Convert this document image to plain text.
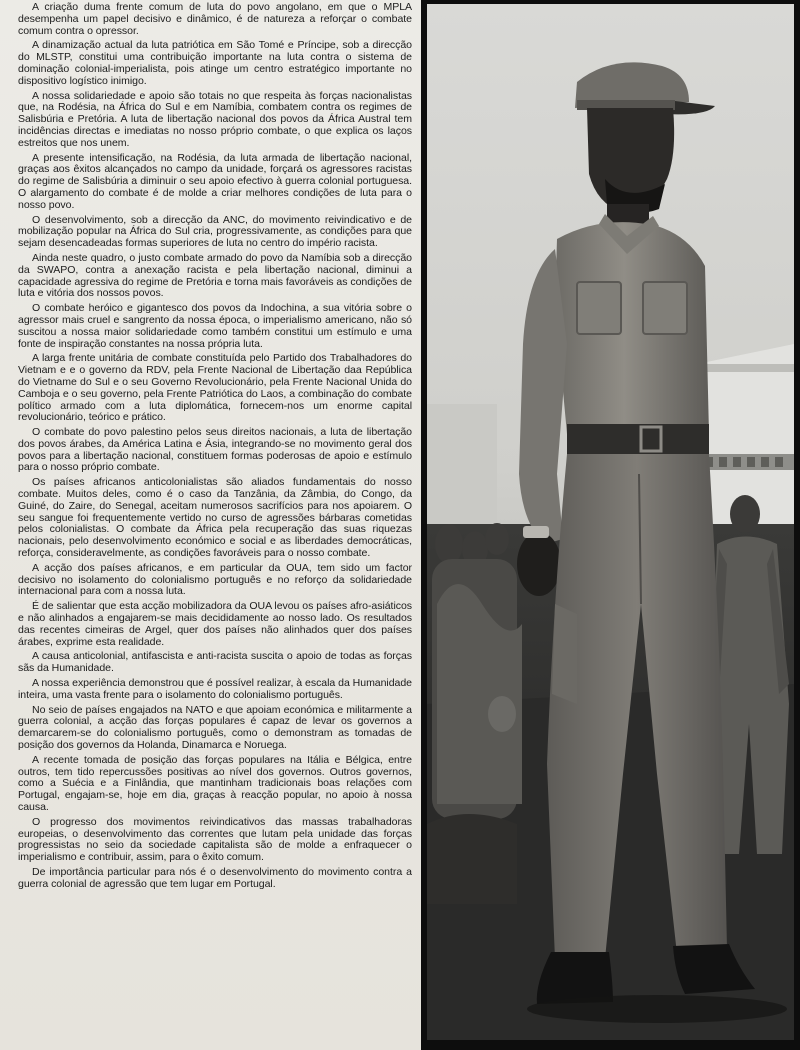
A criação duma frente comum de luta do povo angolano, em que o MPLA desempenha um papel decisivo e dinâmico, é de natureza a reforçar o combate comum contra o opressor.

A dinamização actual da luta patriótica em São Tomé e Príncipe, sob a direcção do MLSTP, constitui uma contribuição importante na luta contra o sistema de dominação colonial-imperialista, pois atinge um centro estratégico importante no dispositivo logístico inimigo.

A nossa solidariedade e apoio são totais no que respeita às forças nacionalistas que, na Rodésia, na África do Sul e em Namíbia, combatem contra os regimes de Salisbúria e Pretória. A luta de libertação nacional dos povos da África Austral tem incidências directas e imediatas no nosso próprio combate, o que explica os laços estreitos que nos unem.

A presente intensificação, na Rodésia, da luta armada de libertação nacional, graças aos êxitos alcançados no campo da unidade, forçará os agressores racistas do regime de Salisbúria a diminuir o seu apoio efectivo à guerra colonial portuguesa. O alargamento do combate é de molde a criar melhores condições de luta para o nosso povo.

O desenvolvimento, sob a direcção da ANC, do movimento reivindicativo e de mobilização popular na África do Sul cria, progressivamente, as condições para que sejam desencadeadas formas superiores de luta no centro do império racista.

Ainda neste quadro, o justo combate armado do povo da Namíbia sob a direcção da SWAPO, contra a anexação racista e pela libertação nacional, diminui a capacidade agressiva do regime de Pretória e torna mais favoráveis as condições de luta e vitória dos nossos povos.

O combate heróico e gigantesco dos povos da Indochina, a sua vitória sobre o agressor mais cruel e sangrento da nossa época, o imperialismo americano, não só suscitou a nossa maior solidariedade como também constitui um estímulo e uma fonte de inspiração constantes na nossa própria luta.

A larga frente unitária de combate constituída pelo Partido dos Trabalhadores do Vietnam e e o governo da RDV, pela Frente Nacional de Libertação daa República do Vietname do Sul e o seu Governo Revolucionário, pela Frente Nacional Unida do Camboja e o seu governo, pela Frente Patriótica do Laos, a combinação do combate político armado com a luta diplomática, fornecem-nos um enorme capital revolucionário, teórico e prático.

O combate do povo palestino pelos seus direitos nacionais, a luta de libertação dos povos árabes, da América Latina e Ásia, integrando-se no movimento geral dos povos para a libertação nacional, constituem formas poderosas de apoio e estímulo para o nosso próprio combate.

Os países africanos anticolonialistas são aliados fundamentais do nosso combate. Muitos deles, como é o caso da Tanzânia, da Zâmbia, do Congo, da Guiné, do Zaire, do Senegal, aceitam numerosos sacrifícios para nos apoiarem. O seu sangue foi frequentemente vertido no curso de agressões bárbaras cometidas pelos colonialistas. O combate da África pela recuperação das suas riquezas nacionais, pelo desenvolvimento económico e social e as liberdades democráticas, reforça, consideravelmente, as condições favoráveis para o nosso combate.

A acção dos países africanos, e em particular da OUA, tem sido um factor decisivo no isolamento do colonialismo português e no reforço da solidariedade internacional para com a nossa luta.

É de salientar que esta acção mobilizadora da OUA levou os países afro-asiáticos e não alinhados a engajarem-se mais decididamente ao nosso lado. Os resultados das recentes cimeiras de Argel, quer dos países não alinhados quer dos países árabes, exprime esta realidade.

A causa anticolonial, antifascista e anti-racista suscita o apoio de todas as forças sãs da Humanidade.

A nossa experiência demonstrou que é possível realizar, à escala da Humanidade inteira, uma vasta frente para o isolamento do colonialismo português.

No seio de países engajados na NATO e que apoiam económica e militarmente a guerra colonial, a acção das forças populares é capaz de levar os governos a demarcarem-se do colonialismo português, como o demonstram as tomadas de posição dos governos da Holanda, Dinamarca e Noruega.

A recente tomada de posição das forças populares na Itália e Bélgica, entre outros, tem tido repercussões positivas ao nível dos governos. Outros governos, como a Suécia e a Finlândia, que mantinham tradicionais boas relações com Portugal, engajam-se, hoje em dia, graças à reacção popular, no apoio à nossa causa.

O progresso dos movimentos reivindicativos das massas trabalhadoras europeias, o desenvolvimento das correntes que lutam pela unidade das forças progressistas no seio da sociedade capitalista são de molde a enfraquecer o imperialismo e contribuir, assim, para o êxito comum.

De importância particular para nós é o desenvolvimento do movimento contra a guerra colonial de agressão que tem lugar em Portugal.
